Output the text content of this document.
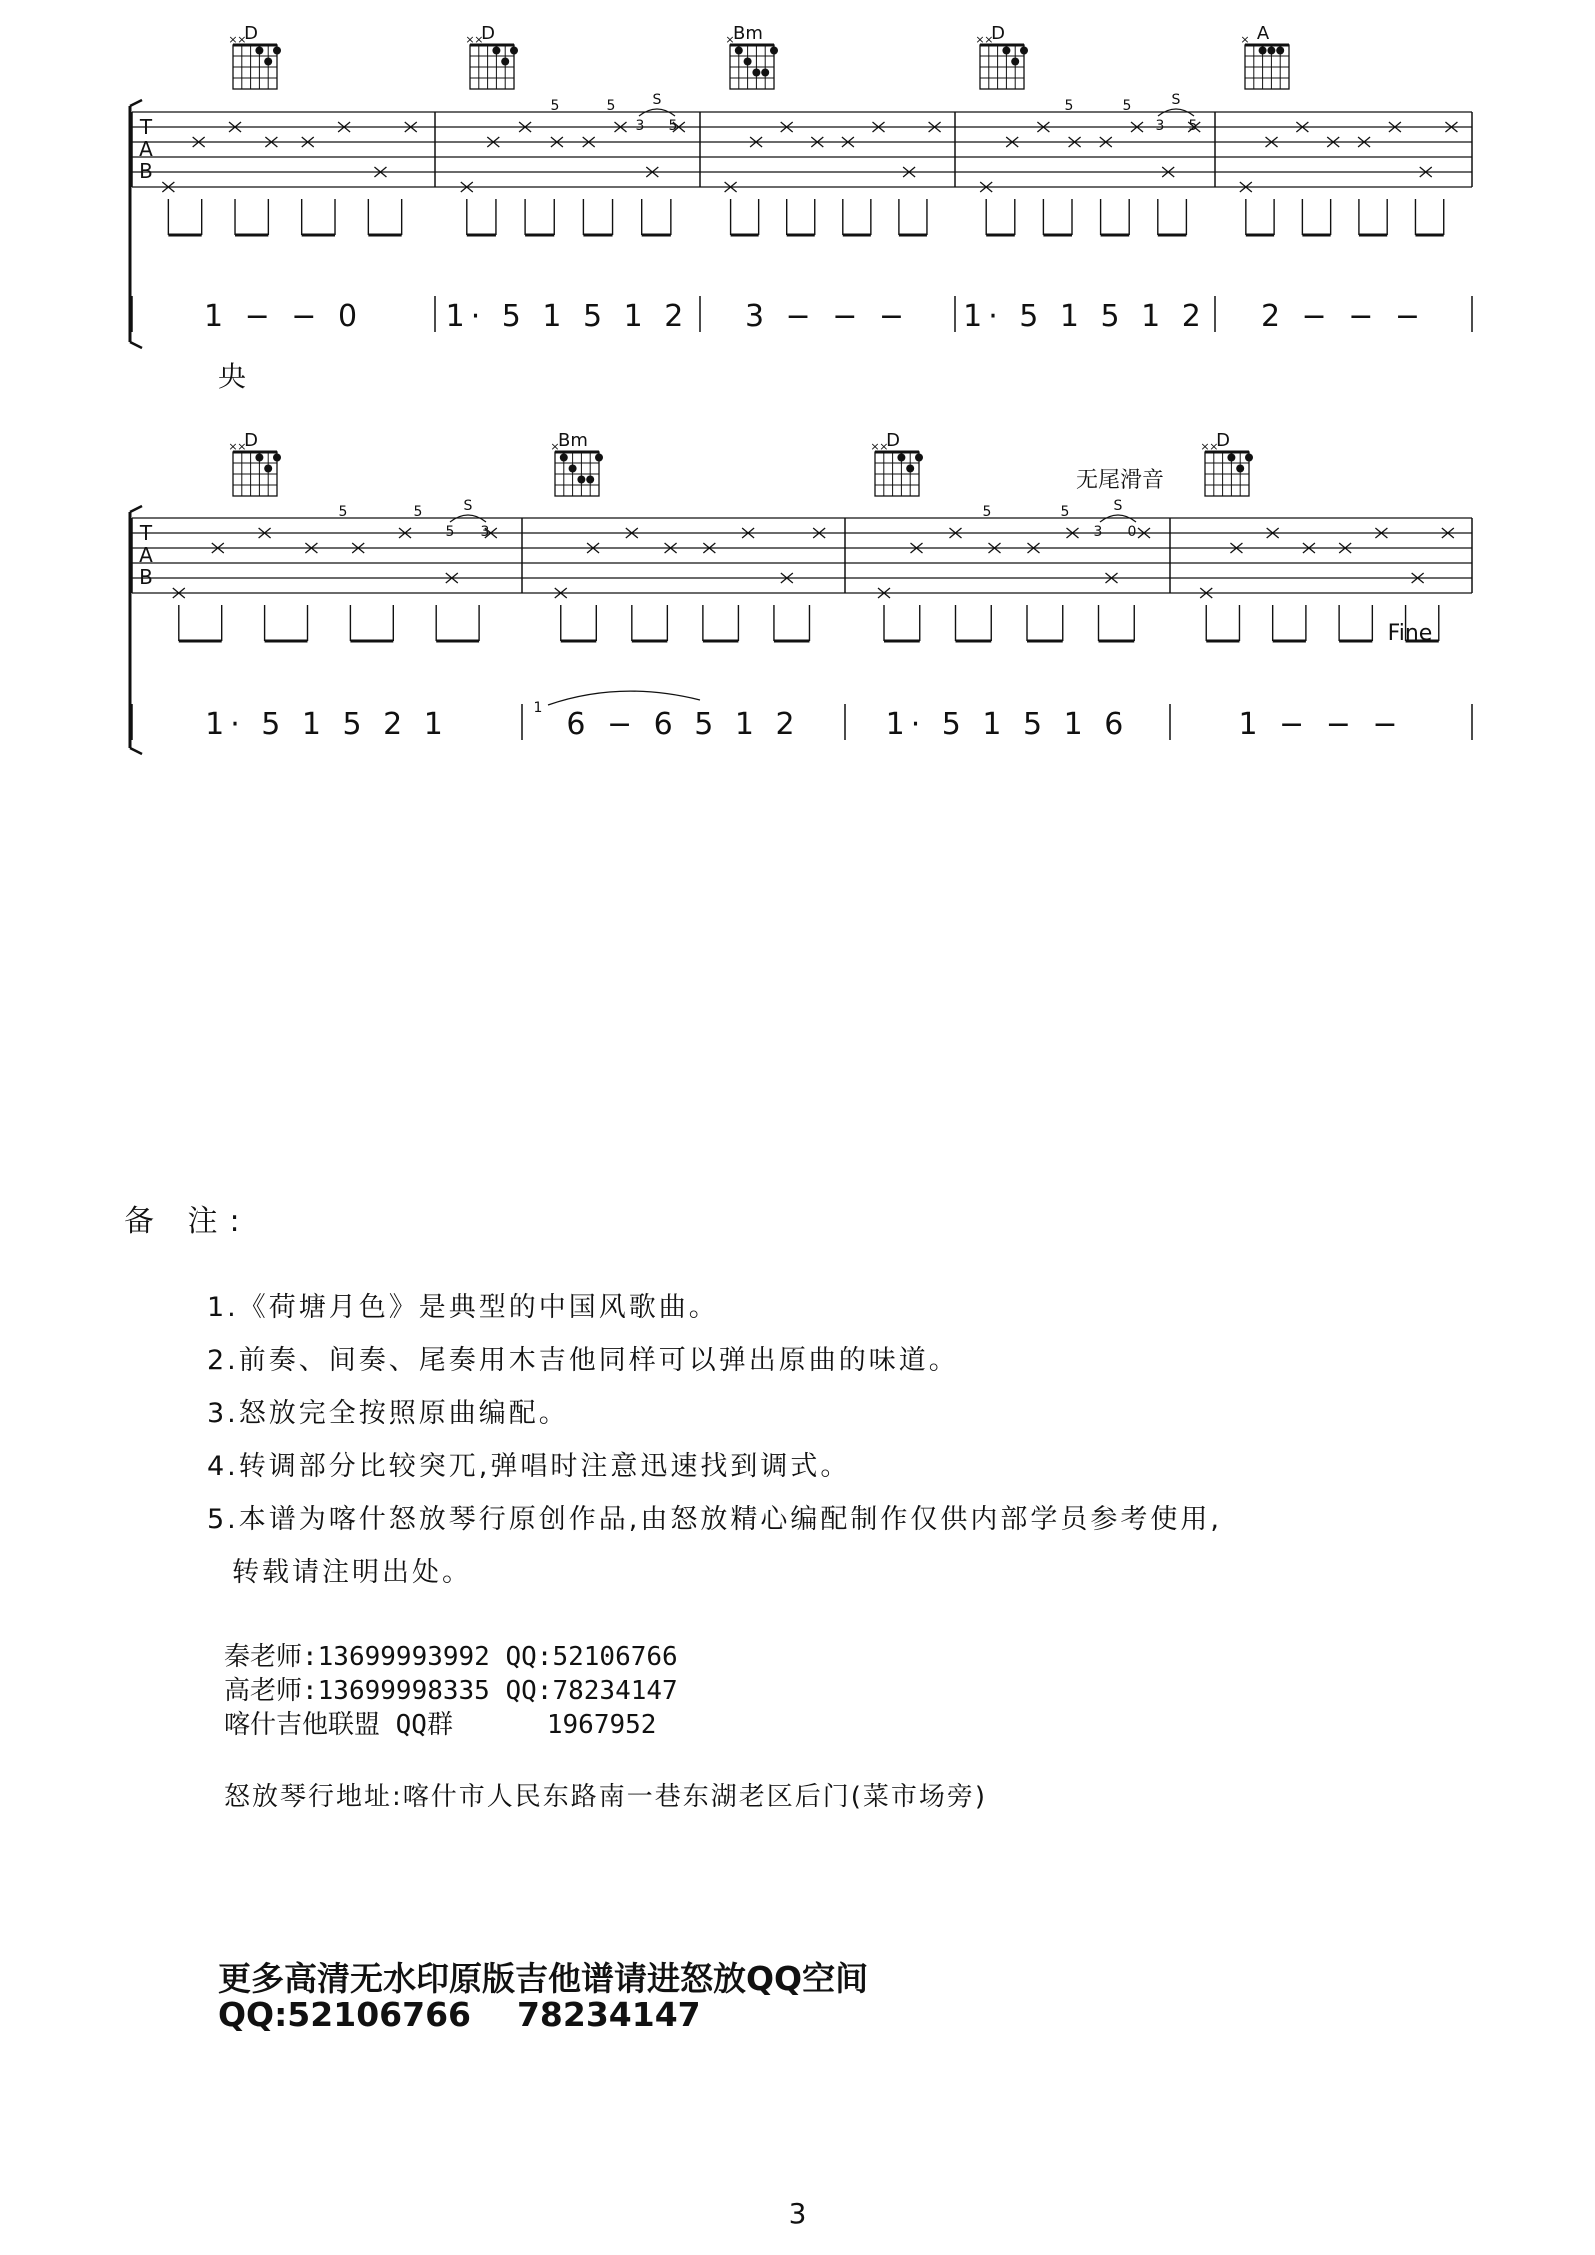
T
A
B
D
× ×	D
× ×	Bm
×	D
× ×	A
×
5	5
3 5
5	5
3 5
S	S
1 − − 0	1· 5 1 5 1 2 3 − − − 1· 5 1 5 1 2 2 − − −
T
A
B
D
× ×	Bm
×	D
× ×	D
× ×
5	5
5 3
5	5
3 0
S	S
1· 5 1 5 2 1	6 − 6 5 1 2	1· 5 1 5 1 6	1 − − −
央
无尾滑音
Fine
1
备 注:
1.《荷塘月色》是典型的中国风歌曲。
2.前奏、间奏、尾奏用木吉他同样可以弹出原曲的味道。
3.怒放完全按照原曲编配。
4.转调部分比较突兀,弹唱时注意迅速找到调式。
5.本谱为喀什怒放琴行原创作品,由怒放精心编配制作仅供内部学员参考使用,
转载请注明出处。
秦老师:13699993992 QQ:52106766
高老师:13699998335 QQ:78234147
喀什吉他联盟 QQ群      1967952
怒放琴行地址:喀什市人民东路南一巷东湖老区后门(菜市场旁)
更多高清无水印原版吉他谱请进怒放QQ空间
QQ:52106766    78234147
3
